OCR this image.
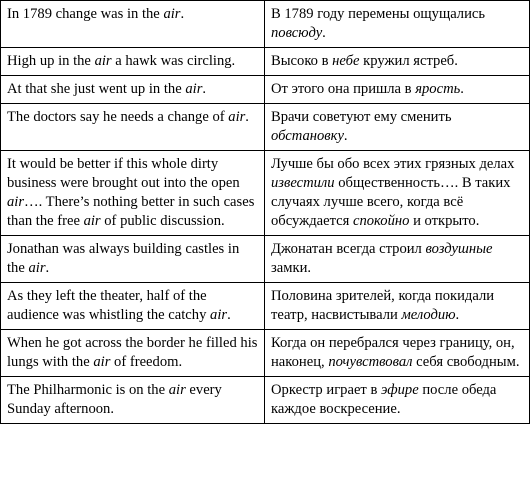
In 1789 change was in the air.	В 1789 году перемены ощущались повсюду.
High up in the air a hawk was circling.	Высоко в небе кружил ястреб.
At that she just went up in the air.	От этого она пришла в ярость.
The doctors say he needs a change of air.	Врачи советуют ему сменить обстановку.
It would be better if this whole dirty business were brought out into the open air…. There’s nothing better in such cases than the free air of public discussion.	Лучше бы обо всех этих грязных делах известили общественность…. В таких случаях лучше всего, когда всё обсуждается спокойно и открыто.
Jonathan was always building castles in the air.	Джонатан всегда строил воздушные замки.
As they left the theater, half of the audience was whistling the catchy air.	Половина зрителей, когда покидали театр, насвистывали мелодию.
When he got across the border he filled his lungs with the air of freedom.	Когда он перебрался через границу, он, наконец, почувствовал себя свободным.
The Philharmonic is on the air every Sunday afternoon.	Оркестр играет в эфире после обеда каждое воскресение.
